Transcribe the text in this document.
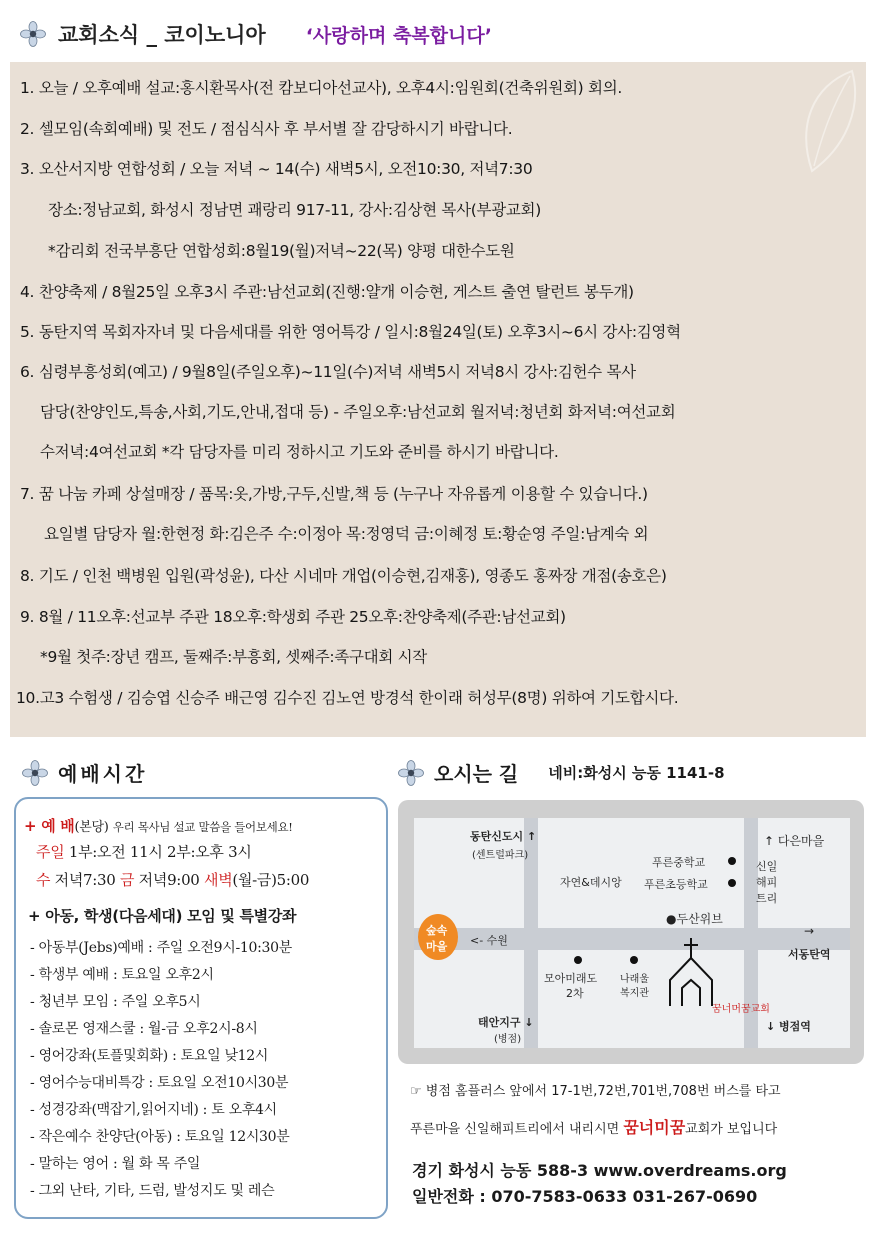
교회소식 _ 코이노니아 ‘사랑하며 축복합니다’
1. 오늘 / 오후예배 설교:홍시환목사(전 캄보디아선교사), 오후4시:임원회(건축위원회) 회의.
2. 셀모임(속회예배) 및 전도 / 점심식사 후 부서별 잘 감당하시기 바랍니다.
3. 오산서지방 연합성회 / 오늘 저녁 ~ 14(수) 새벽5시, 오전10:30, 저녁7:30
장소:정남교회, 화성시 정남면 괘랑리 917-11, 강사:김상현 목사(부광교회)
*감리회 전국부흥단 연합성회:8월19(월)저녁~22(목) 양평 대한수도원
4. 찬양축제 / 8월25일 오후3시 주관:남선교회(진행:얄개 이승현, 게스트 출연 탈런트 봉두개)
5. 동탄지역 목회자자녀 및 다음세대를 위한 영어특강 / 일시:8월24일(토) 오후3시~6시 강사:김영혁
6. 심령부흥성회(예고) / 9월8일(주일오후)~11일(수)저녁 새벽5시 저녁8시 강사:김헌수 목사
담당(찬양인도,특송,사회,기도,안내,접대 등) - 주일오후:남선교회 월저녁:청년회 화저녁:여선교회
수저녁:4여선교회 *각 담당자를 미리 정하시고 기도와 준비를 하시기 바랍니다.
7. 꿈 나눔 카페 상설매장 / 품목:옷,가방,구두,신발,책 등 (누구나 자유롭게 이용할 수 있습니다.)
요일별 담당자 월:한현정 화:김은주 수:이정아 목:정영덕 금:이혜정 토:황순영 주일:남계숙 외
8. 기도 / 인천 백병원 입원(곽성윤), 다산 시네마 개업(이승현,김재홍), 영종도 홍짜장 개점(송호은)
9. 8월 / 11오후:선교부 주관 18오후:학생회 주관 25오후:찬양축제(주관:남선교회)
*9월 첫주:장년 캠프, 둘째주:부흥회, 셋째주:족구대회 시작
10.고3 수험생 / 김승엽 신승주 배근영 김수진 김노연 방경석 한이래 허성무(8명) 위하여 기도합시다.
예배시간
+ 예 배(본당) 우리 목사님 설교 말씀을 들어보세요!
주일 1부:오전 11시 2부:오후 3시
수 저녁7:30 금 저녁9:00 새벽(월-금)5:00
+ 아동, 학생(다음세대) 모임 및 특별강좌
- 아동부(Jebs)예배 : 주일 오전9시-10:30분
- 학생부 예배 : 토요일 오후2시
- 청년부 모임 : 주일 오후5시
- 솔로몬 영재스쿨 : 월-금 오후2시-8시
- 영어강좌(토플및회화) : 토요일 낮12시
- 영어수능대비특강 : 토요일 오전10시30분
- 성경강좌(맥잡기,읽어지네) : 토 오후4시
- 작은예수 찬양단(아동) : 토요일 12시30분
- 말하는 영어 : 월 화 목 주일
- 그외 난타, 기타, 드럼, 발성지도 및 레슨
오시는 길 네비:화성시 능동 1141-8
동탄신도시 ↑
(센트럴파크)
자연&데시앙
푸른중학교
푸른초등학교
↑ 다은마을
신일
해피
트리
●두산위브
숲속
마을 <- 수원
→
서동탄역
모아미래도
2차
나래울
복지관
꿈너머꿈교회
태안지구 ↓
(병점)
↓ 병점역
☞ 병점 홈플러스 앞에서 17-1번,72번,701번,708번 버스를 타고
푸른마을 신일해피트리에서 내리시면 꿈너미꿈교회가 보입니다
경기 화성시 능동 588-3 www.overdreams.org
일반전화 : 070-7583-0633 031-267-0690
